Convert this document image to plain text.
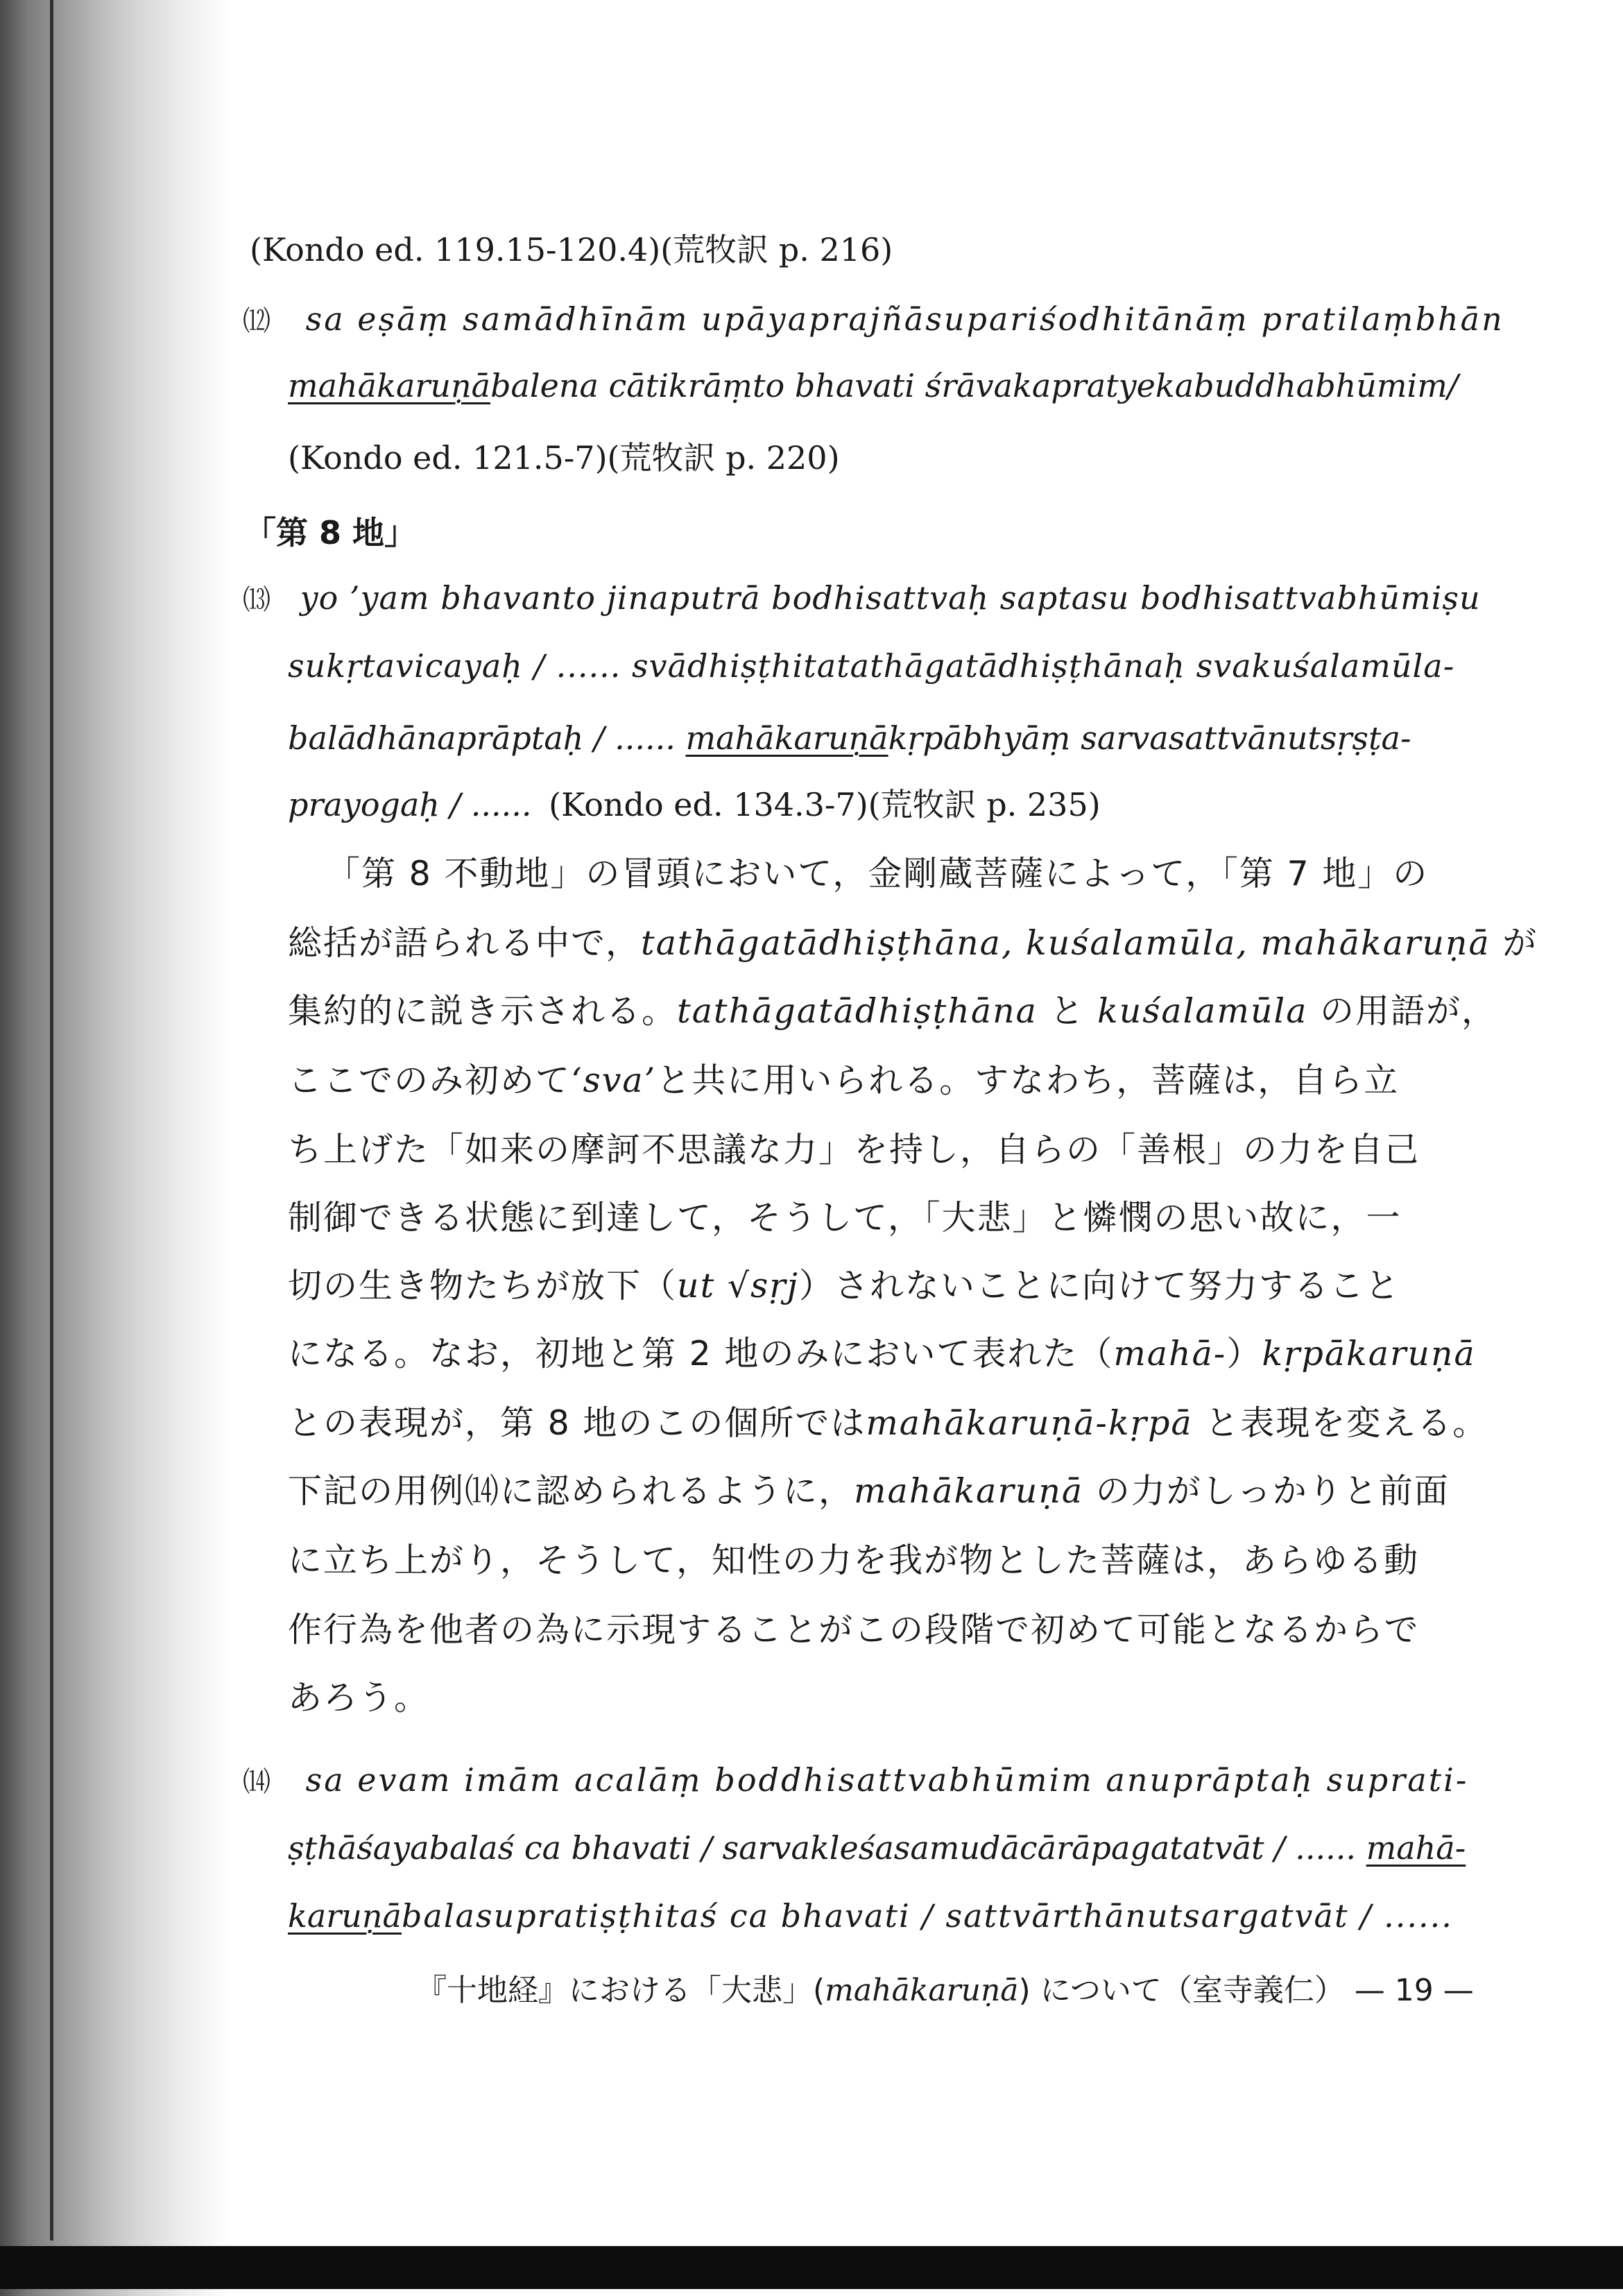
(Kondo ed. 119.15-120.4)(荒牧訳 p. 216)
⑿ sa eṣāṃ samādhīnām upāyaprajñāsupariśodhitānāṃ pratilaṃbhān
mahākaruṇābalena cātikrāṃto bhavati śrāvakapratyekabuddhabhūmim/
(Kondo ed. 121.5-7)(荒牧訳 p. 220)
「第 8 地」
⒀ yo ’yam bhavanto jinaputrā bodhisattvaḥ saptasu bodhisattvabhūmiṣu
sukṛtavicayaḥ / ...... svādhiṣṭhitatathāgatādhiṣṭhānaḥ svakuśalamūla-
balādhānaprāptaḥ / ...... mahākaruṇākṛpābhyāṃ sarvasattvānutsṛṣṭa-
prayogaḥ / ...... (Kondo ed. 134.3-7)(荒牧訳 p. 235)
「第 8 不動地」の冒頭において，金剛蔵菩薩によって，「第 7 地」の
総括が語られる中で，tathāgatādhiṣṭhāna, kuśalamūla, mahākaruṇā が
集約的に説き示される。tathāgatādhiṣṭhāna と kuśalamūla の用語が，
ここでのみ初めて‘sva’と共に用いられる。すなわち，菩薩は，自ら立
ち上げた「如来の摩訶不思議な力」を持し，自らの「善根」の力を自己
制御できる状態に到達して，そうして，「大悲」と憐憫の思い故に，一
切の生き物たちが放下（ut √sṛj）されないことに向けて努力すること
になる。なお，初地と第 2 地のみにおいて表れた（mahā-）kṛpākaruṇā
との表現が，第 8 地のこの個所ではmahākaruṇā-kṛpā と表現を変える。
下記の用例⒁に認められるように，mahākaruṇā の力がしっかりと前面
に立ち上がり，そうして，知性の力を我が物とした菩薩は，あらゆる動
作行為を他者の為に示現することがこの段階で初めて可能となるからで
あろう。
⒁ sa evam imām acalāṃ boddhisattvabhūmim anuprāptaḥ suprati-
ṣṭhāśayabalaś ca bhavati / sarvakleśasamudācārāpagatatvāt / ...... mahā-
karuṇābalasupratiṣṭhitaś ca bhavati / sattvārthānutsargatvāt / ......
『十地経』における「大悲」(mahākaruṇā) について（室寺義仁） — 19 —
